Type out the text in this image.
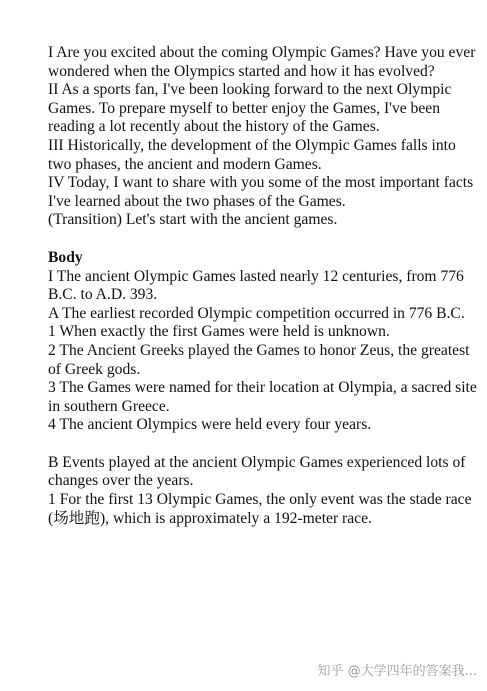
I Are you excited about the coming Olympic Games? Have you ever wondered when the Olympics started and how it has evolved?

II As a sports fan, I've been looking forward to the next Olympic Games. To prepare myself to better enjoy the Games, I've been reading a lot recently about the history of the Games.

III Historically, the development of the Olympic Games falls into two phases, the ancient and modern Games.

IV Today, I want to share with you some of the most important facts I've learned about the two phases of the Games.

(Transition) Let's start with the ancient games.

Body

I The ancient Olympic Games lasted nearly 12 centuries, from 776 B.C. to A.D. 393.

A The earliest recorded Olympic competition occurred in 776 B.C.

1 When exactly the first Games were held is unknown.

2 The Ancient Greeks played the Games to honor Zeus, the greatest of Greek gods.

3 The Games were named for their location at Olympia, a sacred site in southern Greece.

4 The ancient Olympics were held every four years.

B Events played at the ancient Olympic Games experienced lots of changes over the years.

1 For the first 13 Olympic Games, the only event was the stade race (场地跑), which is approximately a 192-meter race.

知乎 @大学四年的答案我...
